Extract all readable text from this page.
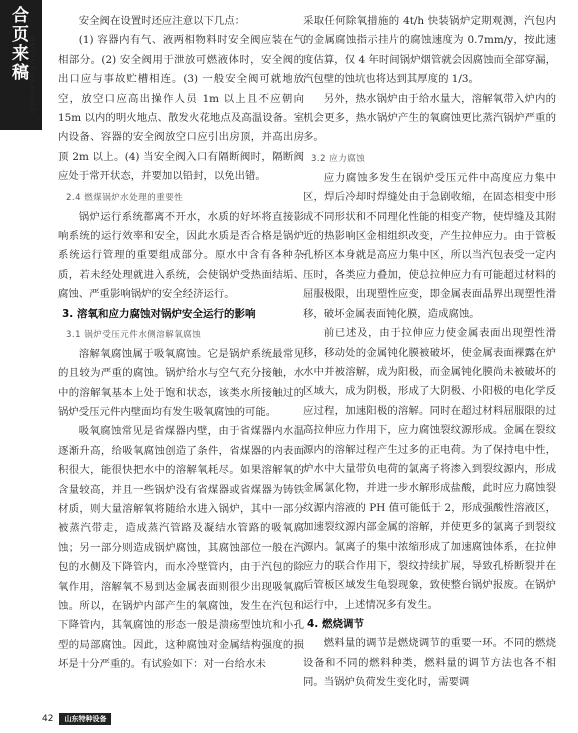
合页来稿 HUIYUANLAIGAO

安全阀在设置时还应注意以下几点：

(1) 容器内有气、液两相物料时安全阀应装在气相部分。(2) 安全阀用于泄放可燃液体时，安全阀的出口应与事故贮槽相连。(3) 一般安全阀可就地放空，放空口应高出操作人员 1m 以上且不应朝向 15m 以内的明火地点、散发火花地点及高温设备。室内设备、容器的安全阀放空口应引出房顶，并高出房顶 2m 以上。(4) 当安全阀入口有隔断阀时，隔断阀应处于常开状态，并要加以铅封，以免出错。

2.4 燃煤锅炉水处理的重要性

锅炉运行系统都离不开水，水质的好坏将直接影响系统的运行效率和安全，因此水质是否合格是锅炉系统运行管理的重要组成部分。原水中含有各种杂质，若未经处理就进入系统，会使锅炉受热面结垢、腐蚀、严重影响锅炉的安全经济运行。

3. 溶氧和应力腐蚀对锅炉安全运行的影响
3.1 锅炉受压元件水侧溶解氧腐蚀

溶解氧腐蚀属于吸氧腐蚀。它是锅炉系统最常见的且较为严重的腐蚀。锅炉给水与空气充分接触，水中的溶解氧基本上处于饱和状态，该类水所接触过的锅炉受压元件内壁面均有发生吸氧腐蚀的可能。

吸氧腐蚀常见是省煤器内壁，由于省煤器内水温逐渐升高，给吸氧腐蚀创造了条件，省煤器的内表面积很大，能很快把水中的溶解氧耗尽。如果溶解氧的含量较高，并且一些锅炉没有省煤器或省煤器为铸铁材质，则大量溶解氧将随给水进入锅炉，其中一部分被蒸汽带走，造成蒸汽管路及凝结水管路的吸氧腐蚀；另一部分则造成锅炉腐蚀，其腐蚀部位一般在汽包的水侧及下降管内，而水冷壁管内，由于汽包的除氧作用，溶解氧不易到达金属表面则很少出现吸氧腐蚀。所以，在锅炉内部产生的氧腐蚀，发生在汽包和下降管内，其氧腐蚀的形态一般是溃疡型蚀坑和小孔型的局部腐蚀。因此，这种腐蚀对金属结构强度的损坏是十分严重的。有试验如下：对一台给水未

采取任何除氧措施的 4t/h 快装锅炉定期观测，汽包内的金属腐蚀指示挂片的腐蚀速度为 0.7mm/y，按此速度估算，仅 4 年时间锅炉烟管就会因腐蚀而全部穿漏，汽包壁的蚀坑也将达到其厚度的 1/3。

另外，热水锅炉由于给水量大，溶解氧带入炉内的机会更多，热水锅炉产生的氧腐蚀更比蒸汽锅炉严重的多。

3.2 应力腐蚀

应力腐蚀多发生在锅炉受压元件中高度应力集中区，焊后冷却时焊缝处由于急剧收缩，在固态相变中形成不同形状和不同理化性能的相变产物，使焊缝及其附近的热影响区金相组织改变，产生拉伸应力。由于管板孔桥区本身就是高应力集中区，所以当汽包表受一定内压时，各类应力叠加，使总拉伸应力有可能超过材料的屈服极限，出现塑性应变，即金属表面晶界出现塑性滑移，破坏金属表面钝化膜，造成腐蚀。

前已述及，由于拉伸应力使金属表面出现塑性滑移，移动处的金属钝化膜被破坏，使金属表面裸露在炉水中并被溶解，成为阳极，而金属钝化膜尚未被破坏的区域大，成为阴极，形成了大阴极、小阳极的电化学反应过程，加速阳极的溶解。同时在超过材料屈服限的过高拉伸应力作用下，应力腐蚀裂纹源形成。金属在裂纹源内的溶解过程产生过多的正电荷。为了保持电中性，炉水中大量带负电荷的氯离子将渗入到裂纹源内，形成金属氯化物，并进一步水解形成盐酸，此时应力腐蚀裂纹源内溶液的 PH 值可能低于 2，形成强酸性溶液区，加速裂纹源内部金属的溶解，并使更多的氯离子到裂纹源内。氯离子的集中浓缩形成了加速腐蚀体系，在拉伸应力的联合作用下，裂纹持续扩展，导致孔桥断裂并在后管板区域发生龟裂现象，致使整台锅炉报废。在锅炉运行中，上述情况多有发生。

4. 燃烧调节

燃料量的调节是燃烧调节的重要一环。不同的燃烧设备和不同的燃料种类，燃料量的调节方法也各不相同。当锅炉负荷发生变化时，需要调

42	山东特种设备
